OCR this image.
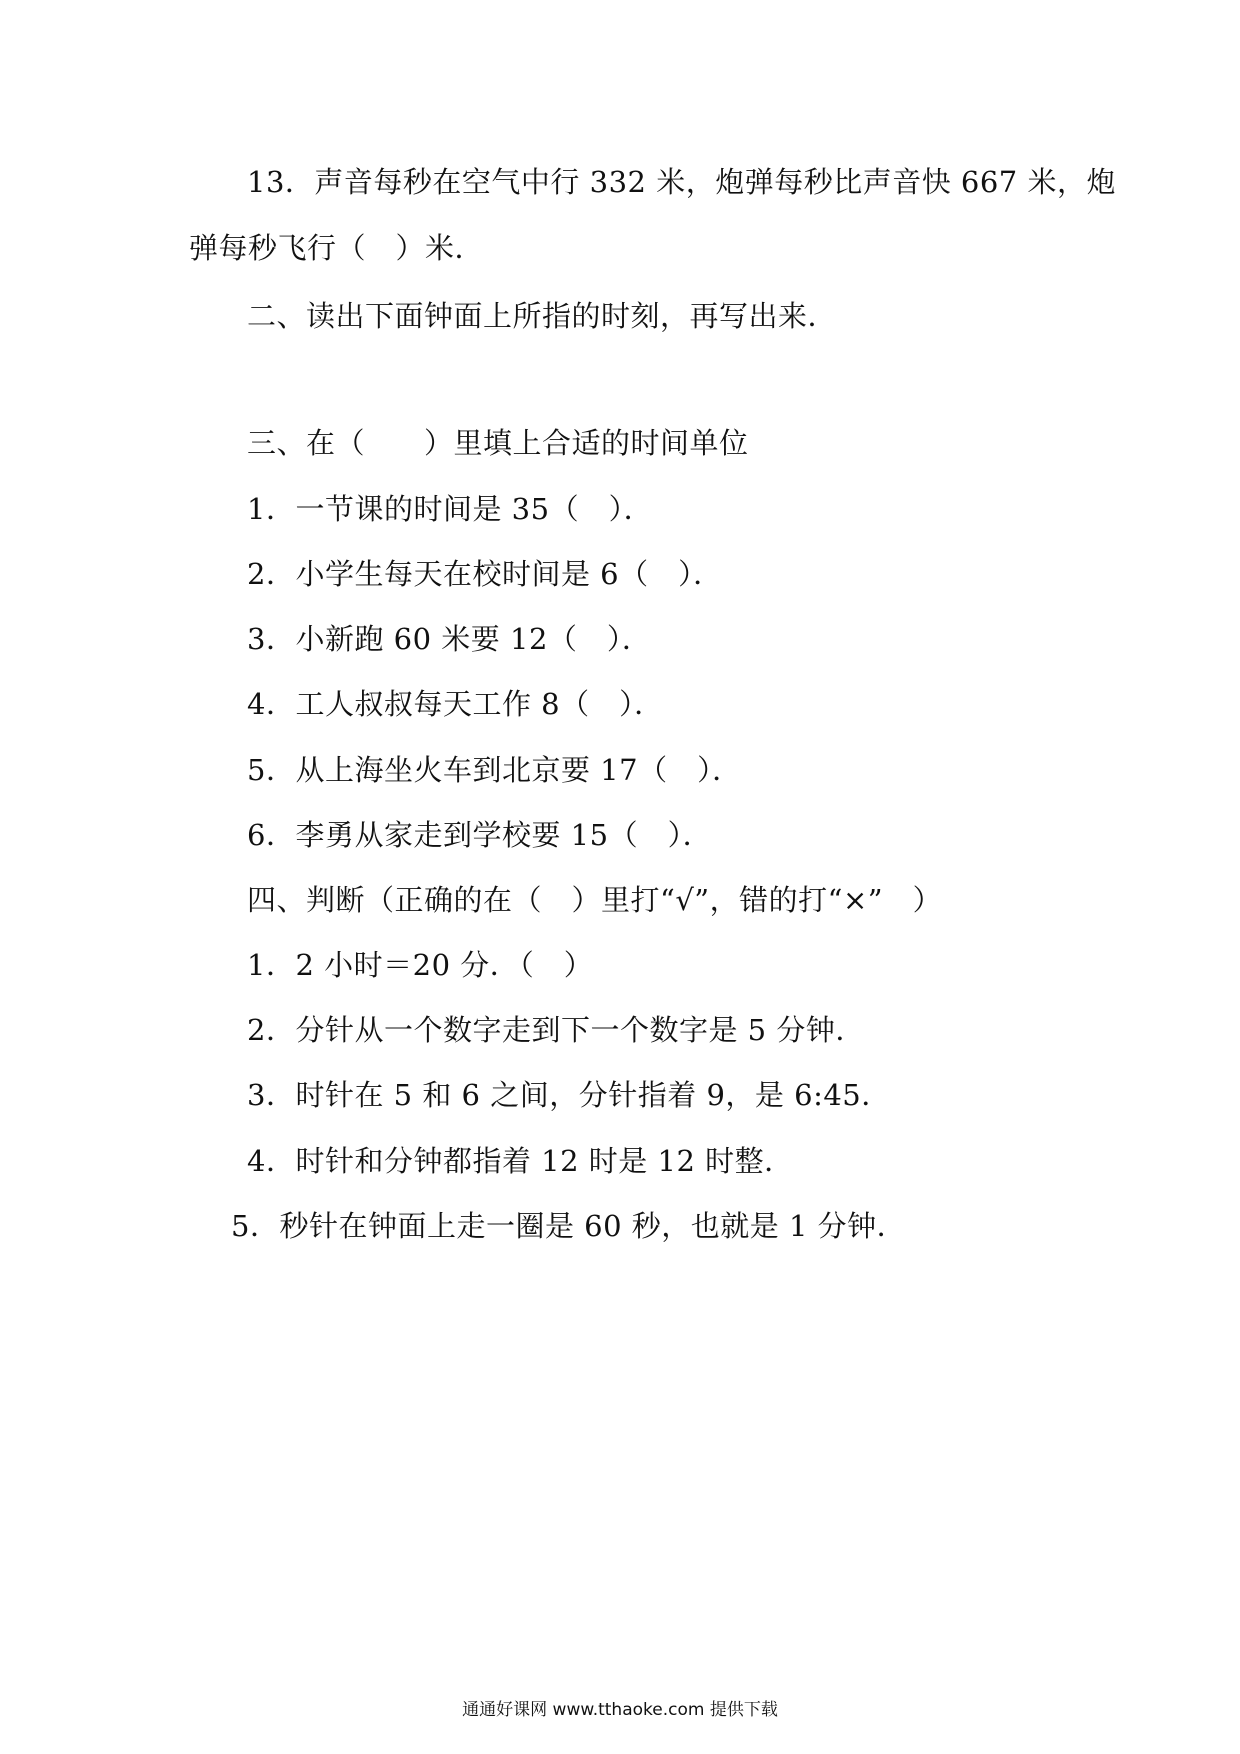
13．声音每秒在空气中行 332 米，炮弹每秒比声音快 667 米，炮
弹每秒飞行（　）米．
二、读出下面钟面上所指的时刻，再写出来．
三、在（　　）里填上合适的时间单位
1．一节课的时间是 35（　）．
2．小学生每天在校时间是 6（　）．
3．小新跑 60 米要 12（　）．
4．工人叔叔每天工作 8（　）．
5．从上海坐火车到北京要 17（　）．
6．李勇从家走到学校要 15（　）．
四、判断（正确的在（　）里打“√”，错的打“×”　）
1．2 小时＝20 分．（　）
2．分针从一个数字走到下一个数字是 5 分钟．
3．时针在 5 和 6 之间，分针指着 9，是 6:45．
4．时针和分钟都指着 12 时是 12 时整．
5．秒针在钟面上走一圈是 60 秒，也就是 1 分钟．
通通好课网 www.tthaoke.com 提供下载
